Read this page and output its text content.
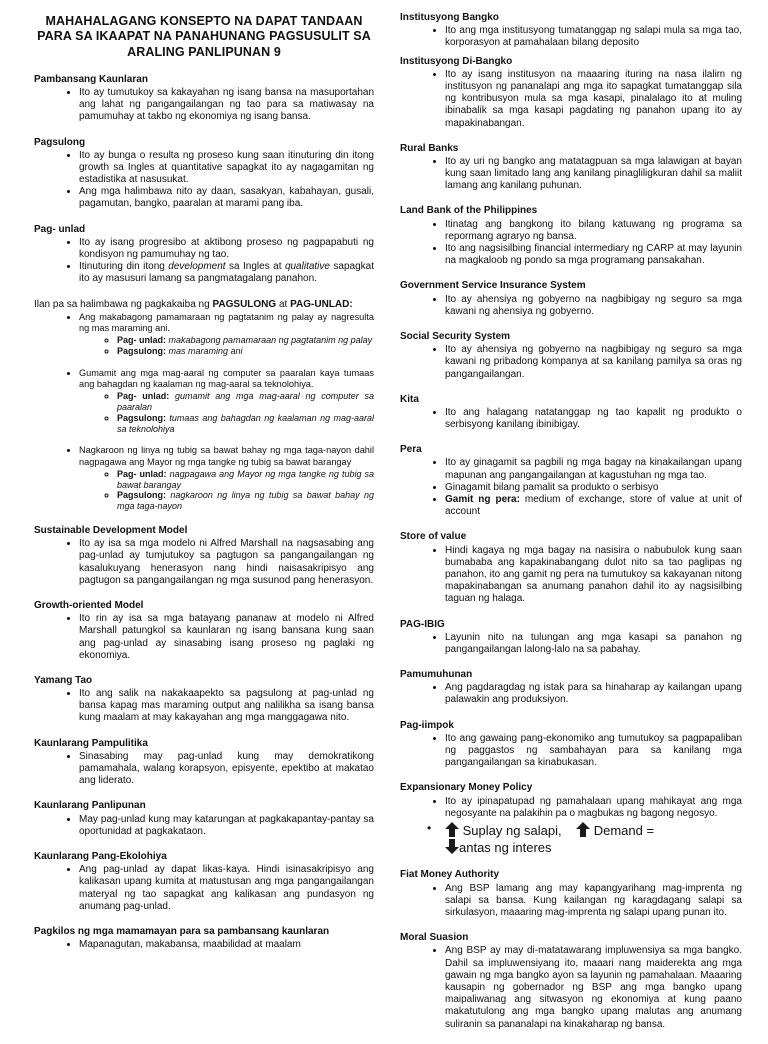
MAHAHALAGANG KONSEPTO NA DAPAT TANDAAN
PARA SA IKAAPAT NA PANAHUNANG PAGSUSULIT SA
ARALING PANLIPUNAN 9
Pambansang Kaunlaran
• Ito ay tumutukoy sa kakayahan ng isang bansa na masuportahan ang lahat ng pangangailangan ng tao para sa matiwasay na pamumuhay at takbo ng ekonomiya ng isang bansa.
Pagsulong
• Ito ay bunga o resulta ng proseso kung saan itinuturing din itong growth sa Ingles at quantitative sapagkat ito ay nagagamitan ng estadistika at nasusukat.
• Ang mga halimbawa nito ay daan, sasakyan, kabahayan, gusali, pagamutan, bangko, paaralan at marami pang iba.
Pag- unlad
• Ito ay isang progresibo at aktibong proseso ng pagpapabuti ng kondisyon ng pamumuhay ng tao.
• Itinuturing din itong development sa Ingles at qualitative sapagkat ito ay masusuri lamang sa pangmatagalang panahon.

Ilan pa sa halimbawa ng pagkakaiba ng PAGSULONG at PAG-UNLAD:

• Ang makabagong pamamaraan ng pagtatanim ng palay ay nagresulta ng mas maraming ani.
◦ Pag- unlad: makabagong pamamaraan ng pagtatanim ng palay
◦ Pagsulong: mas maraming ani
• Gumamit ang mga mag-aaral ng computer sa paaralan kaya tumaas ang bahagdan ng kaalaman ng mag-aaral sa teknolohiya.
◦ Pag- unlad: gumamit ang mga mag-aaral ng computer sa paaralan
◦ Pagsulong: tumaas ang bahagdan ng kaalaman ng mag-aaral sa teknolohiya
• Nagkaroon ng linya ng tubig sa bawat bahay ng mga taga-nayon dahil nagpagawa ang Mayor ng mga tangke ng tubig sa bawat barangay
◦ Pag- unlad: nagpagawa ang Mayor ng mga tangke ng tubig sa bawat barangay
◦ Pagsulong: nagkaroon ng linya ng tubig sa bawat bahay ng mga taga-nayon
Sustainable Development Model
• Ito ay isa sa mga modelo ni Alfred Marshall na nagsasabing ang pag-unlad ay tumjutukoy sa pagtugon sa pangangailangan ng kasalukuyang henerasyon nang hindi naisasakripisyo ang pagtugon sa pangangailangan ng mga susunod pang henerasyon.
Growth-oriented Model
• Ito rin ay isa sa mga batayang pananaw at modelo ni Alfred Marshall patungkol sa kaunlaran ng isang bansana kung saan     ang pag-unlad ay sinasabing isang proseso ng paglaki ng ekonomiya.
Yamang Tao
• Ito ang salik na nakakaapekto sa pagsulong at pag-unlad ng bansa kapag mas maraming output ang nalilikha sa isang bansa kung maalam at may kakayahan ang mga manggagawa nito.
Kaunlarang Pampulitika
• Sinasabing may pag-unlad kung may demokratikong pamamahala, walang korapsyon, episyente, epektibo at makatao ang liderato.
Kaunlarang Panlipunan
• May pag-unlad kung may katarungan at pagkakapantay-pantay sa oportunidad at pagkakataon.
Kaunlarang Pang-Ekolohiya
• Ang pag-unlad ay dapat likas-kaya. Hindi isinasakripisyo ang kalikasan upang kumita at matustusan ang mga pangangailangan materyal ng tao sapagkat ang kalikasan ang pundasyon ng anumang pag-unlad.
Pagkilos ng mga mamamayan para sa pambansang kaunlaran
• Mapanagutan, makabansa, maabilidad at maalam
Institusyong Bangko
• Ito ang mga institusyong tumatanggap ng salapi mula sa mga tao, korporasyon at pamahalaan bilang deposito
Institusyong Di-Bangko
• Ito ay isang institusyon na maaaring ituring na nasa ilalim ng institusyon ng pananalapi ang mga ito sapagkat tumatanggap sila ng kontribusyon mula sa mga kasapi, pinalalago ito at muling ibinabalik sa mga kasapi pagdating ng panahon upang ito ay mapakinabangan.
Rural Banks
• Ito ay uri ng bangko ang matatagpuan sa mga lalawigan at bayan kung saan limitado lang ang kanilang pinagliligkuran dahil sa maliit lamang ang kanilang puhunan.
Land Bank of the Philippines
• Itinatag ang bangkong ito bilang katuwang ng programa sa repormang agraryo ng bansa.
• Ito ang nagsisilbing financial intermediary ng CARP at may layunin na magkaloob ng pondo sa mga programang pansakahan.
Government Service Insurance System
• Ito ay ahensiya ng gobyerno na nagbibigay ng seguro sa mga kawani ng ahensiya ng gobyerno.
Social Security System
• Ito ay ahensiya ng gobyerno na nagbibigay ng seguro sa mga kawani ng pribadong kompanya at sa kanilang pamilya sa oras ng pangangailangan.
Kita
• Ito ang halagang natatanggap ng tao kapalit ng produkto o serbisyong kanilang ibinibigay.
Pera
• Ito ay ginagamit sa pagbili ng mga bagay na kinakailangan upang mapunan ang pangangailangan at kagustuhan ng mga tao.
• Ginagamit bilang pamalit sa produkto o serbisyo
• Gamit ng pera: medium of exchange, store of value at unit of account
Store of value
• Hindi kagaya ng mga bagay na nasisira o nabubulok kung saan bumababa ang kapakinabangang dulot nito sa tao paglipas ng panahon, ito ang gamit ng pera na tumutukoy sa kakayanan nitong mapakinabangan sa anumang panahon dahil ito ay nagsisilbing taguan ng halaga.
PAG-IBIG
• Layunin nito na tulungan ang mga kasapi sa panahon ng pangangailangan lalong-lalo na sa pabahay.
Pamumuhunan
• Ang pagdaragdag ng istak para sa hinaharap ay kailangan upang palawakin ang produksiyon.
Pag-iimpok
• Ito ang gawaing pang-ekonomiko ang tumutukoy sa pagpapaliban ng paggastos ng sambahayan para sa kanilang mga pangangailangan sa kinabukasan.
Expansionary Money Policy
• Ito ay ipinapatupad ng pamahalaan upang mahikayat ang mga negosyante na palakihin pa o magbukas ng bagong negosyo.
• Suplay ng salapi, Demand =
antas ng interes
Fiat Money Authority
• Ang BSP lamang ang may kapangyarihang mag-imprenta ng salapi sa bansa. Kung kailangan ng karagdagang salapi sa sirkulasyon, maaaring mag-imprenta ng salapi upang punan ito.
Moral Suasion
• Ang BSP ay may di-matatawarang impluwensiya sa mga bangko. Dahil sa impluwensiyang ito, maaari nang maiderekta ang mga gawain ng mga bangko ayon sa layunin ng pamahalaan. Maaaring kausapin ng gobernador ng BSP ang mga bangko upang maipaliwanag ang sitwasyon ng ekonomiya at kung paano makatutulong ang mga bangko upang malutas ang anumang suliranin sa pananalapi na kinakaharap ng bansa.
